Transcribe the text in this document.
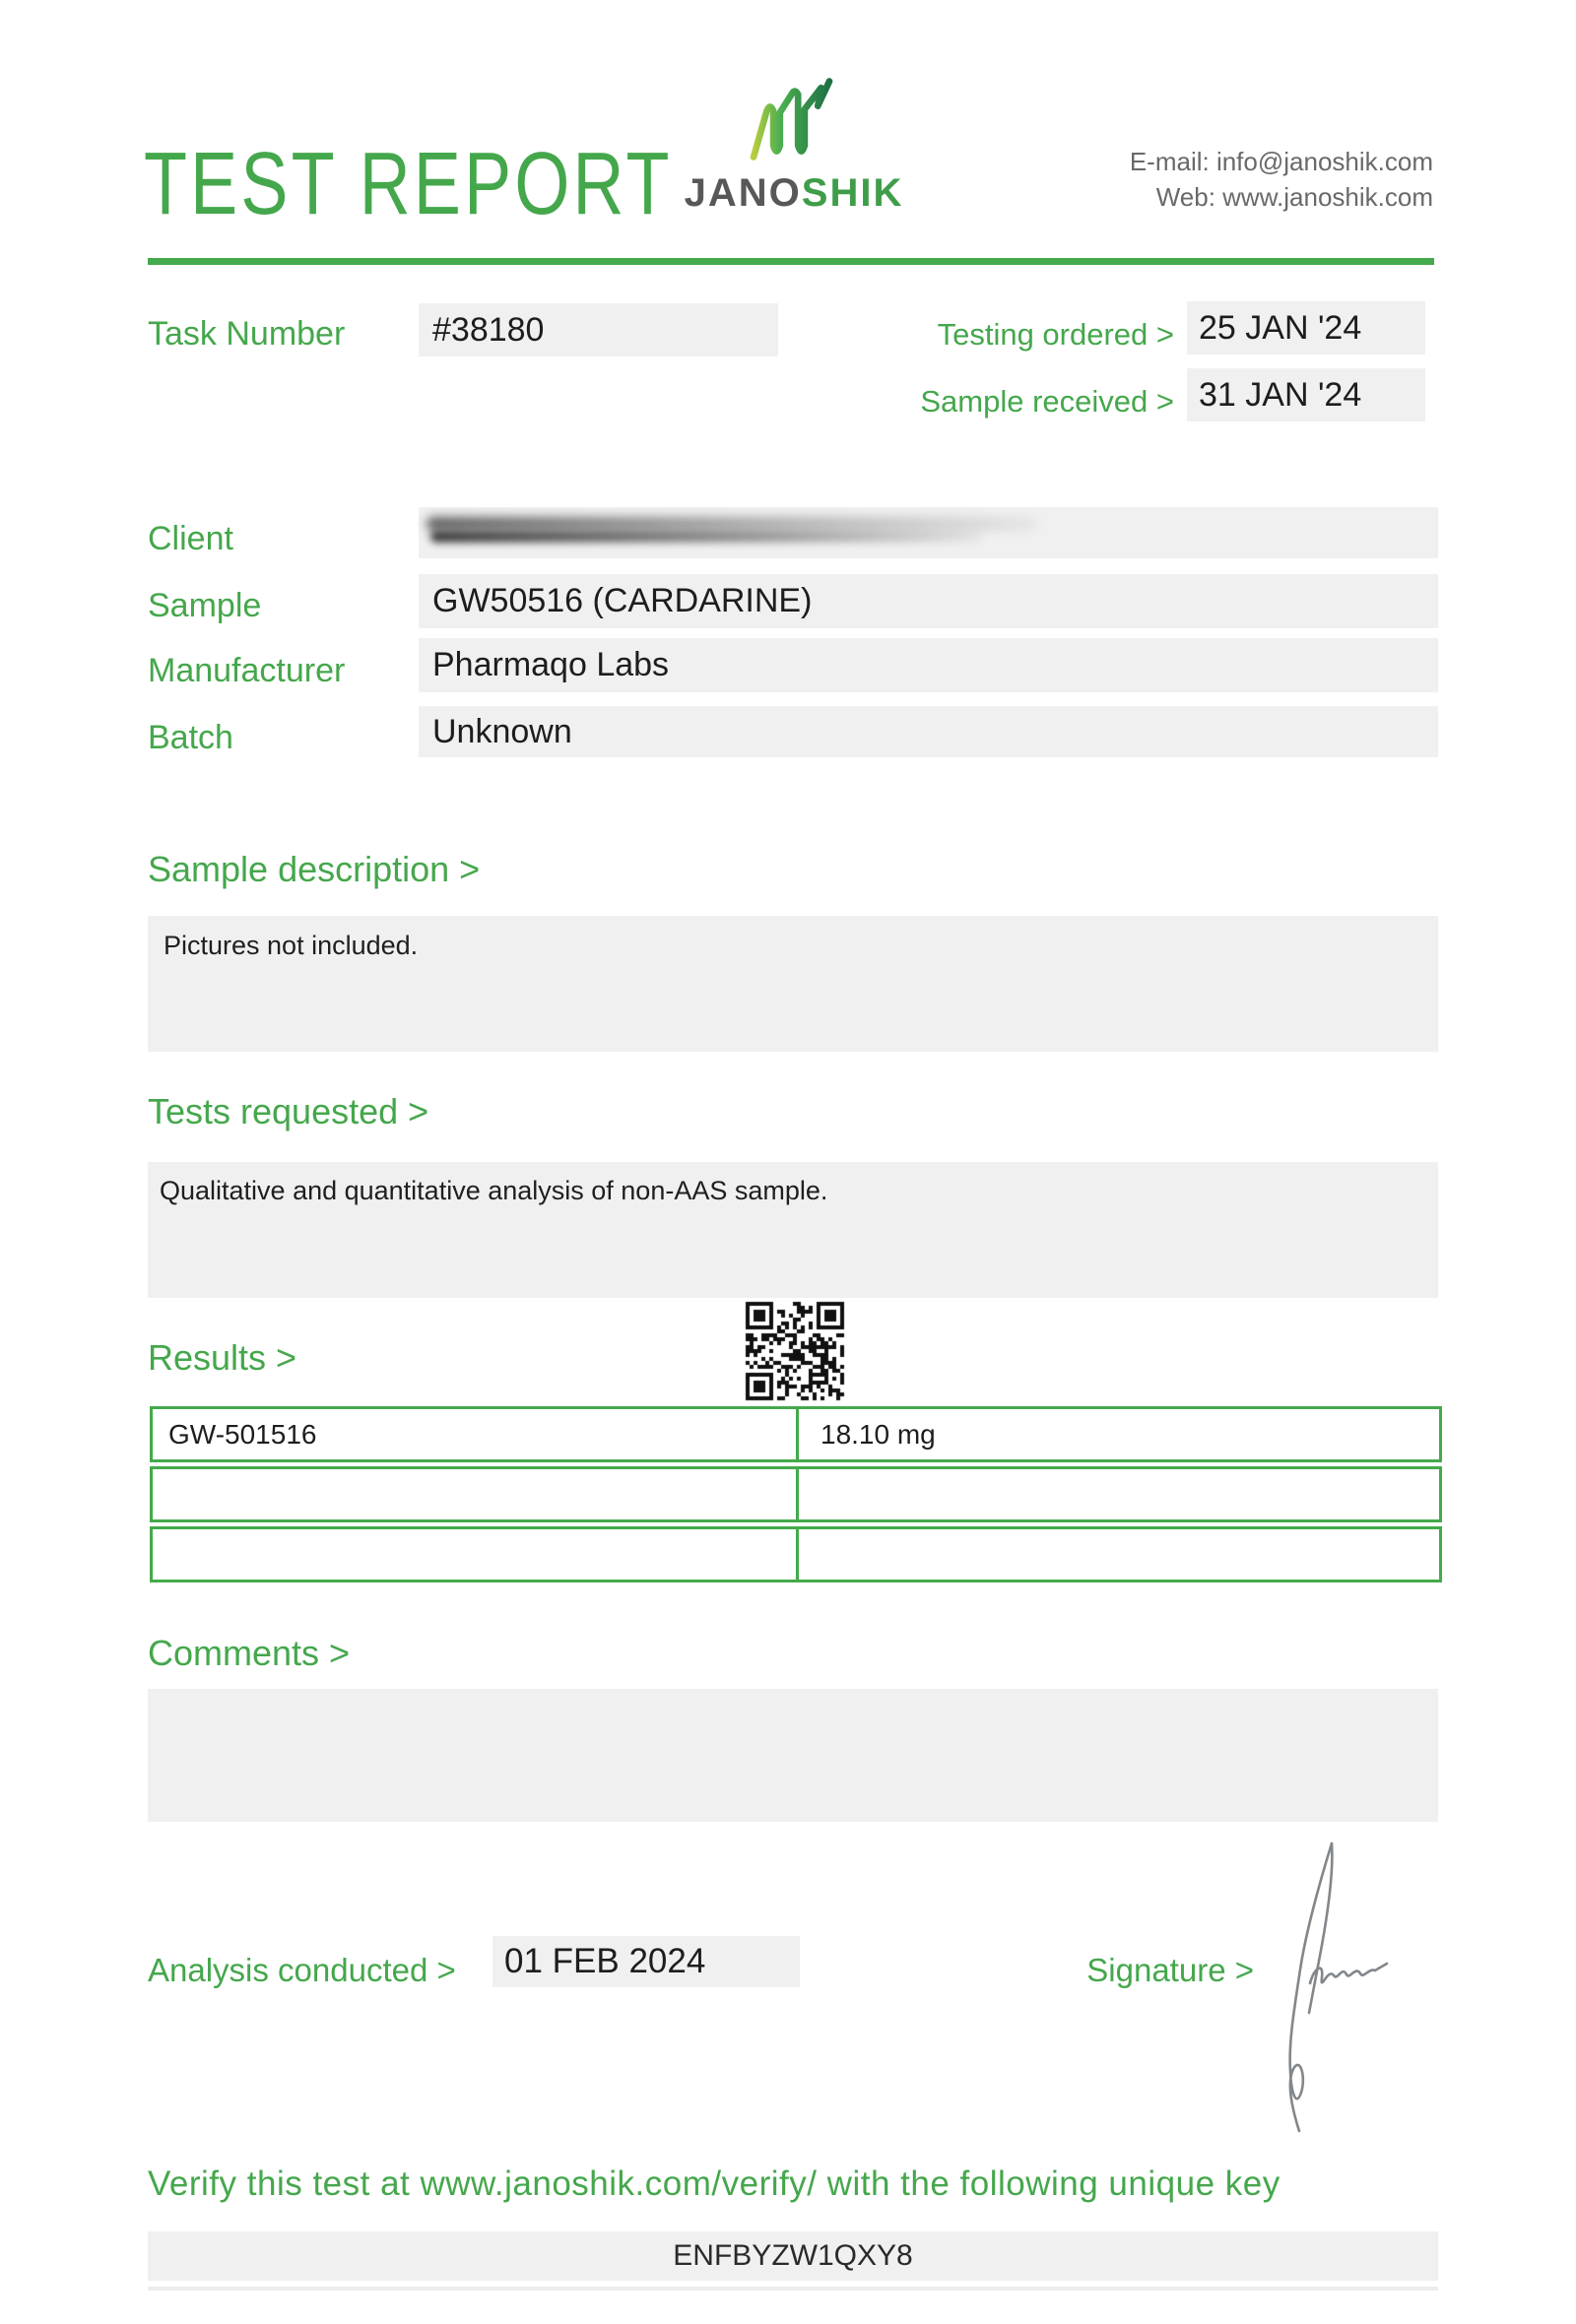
TEST REPORT JANOSHIK
E-mail: info@janoshik.com
Web: www.janoshik.com
Task Number	#38180	Testing ordered > 25 JAN '24
Sample received > 31 JAN '24
Client
Sample	GW50516 (CARDARINE)
Manufacturer	Pharmaqo Labs
Batch	Unknown
Sample description >
Pictures not included.
Tests requested >
Qualitative and quantitative analysis of non-AAS sample.
Results >
GW-501516	18.10 mg
Comments >
Analysis conducted >	01 FEB 2024	Signature >
Verify this test at www.janoshik.com/verify/ with the following unique key
ENFBYZW1QXY8
